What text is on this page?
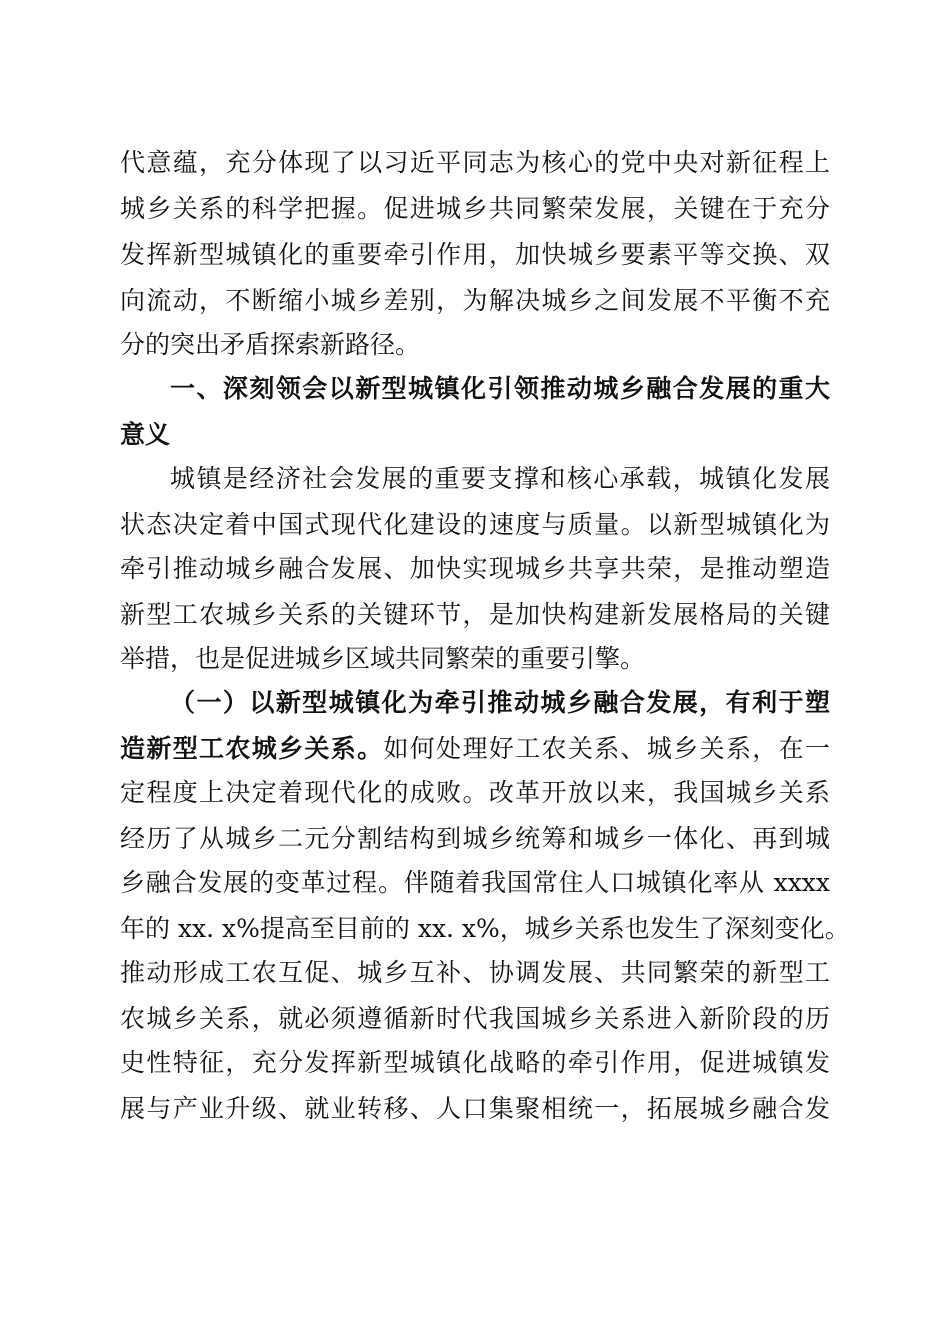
代意蕴，充分体现了以习近平同志为核心的党中央对新征程上
城乡关系的科学把握。促进城乡共同繁荣发展，关键在于充分
发挥新型城镇化的重要牵引作用，加快城乡要素平等交换、双
向流动，不断缩小城乡差别，为解决城乡之间发展不平衡不充
分的突出矛盾探索新路径。
一、深刻领会以新型城镇化引领推动城乡融合发展的重大
意义
城镇是经济社会发展的重要支撑和核心承载，城镇化发展
状态决定着中国式现代化建设的速度与质量。以新型城镇化为
牵引推动城乡融合发展、加快实现城乡共享共荣，是推动塑造
新型工农城乡关系的关键环节，是加快构建新发展格局的关键
举措，也是促进城乡区域共同繁荣的重要引擎。
（一）以新型城镇化为牵引推动城乡融合发展，有利于塑
造新型工农城乡关系。如何处理好工农关系、城乡关系，在一
定程度上决定着现代化的成败。改革开放以来，我国城乡关系
经历了从城乡二元分割结构到城乡统筹和城乡一体化、再到城
乡融合发展的变革过程。伴随着我国常住人口城镇化率从 xxxx
年的 xx. x%提高至目前的 xx. x%，城乡关系也发生了深刻变化。
推动形成工农互促、城乡互补、协调发展、共同繁荣的新型工
农城乡关系，就必须遵循新时代我国城乡关系进入新阶段的历
史性特征，充分发挥新型城镇化战略的牵引作用，促进城镇发
展与产业升级、就业转移、人口集聚相统一，拓展城乡融合发
